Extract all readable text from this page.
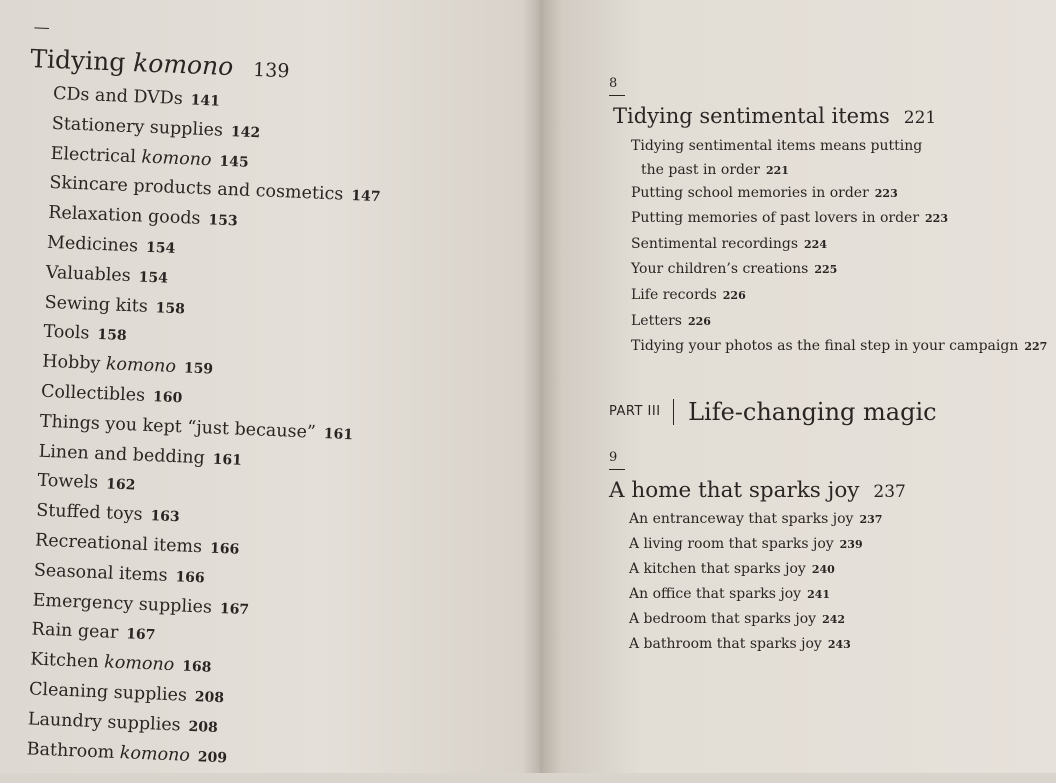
—
Tidying komono 139
CDs and DVDs 141
Stationery supplies 142
Electrical komono 145
Skincare products and cosmetics 147
Relaxation goods 153
Medicines 154
Valuables 154
Sewing kits 158
Tools 158
Hobby komono 159
Collectibles 160
Things you kept “just because” 161
Linen and bedding 161
Towels 162
Stuffed toys 163
Recreational items 166
Seasonal items 166
Emergency supplies 167
Rain gear 167
Kitchen komono 168
Cleaning supplies 208
Laundry supplies 208
Bathroom komono 209
8
Tidying sentimental items 221
Tidying sentimental items means putting
the past in order 221
Putting school memories in order 223
Putting memories of past lovers in order 223
Sentimental recordings 224
Your children’s creations 225
Life records 226
Letters 226
Tidying your photos as the final step in your campaign 227
PART III Life-changing magic
9
A home that sparks joy 237
An entranceway that sparks joy 237
A living room that sparks joy 239
A kitchen that sparks joy 240
An office that sparks joy 241
A bedroom that sparks joy 242
A bathroom that sparks joy 243
